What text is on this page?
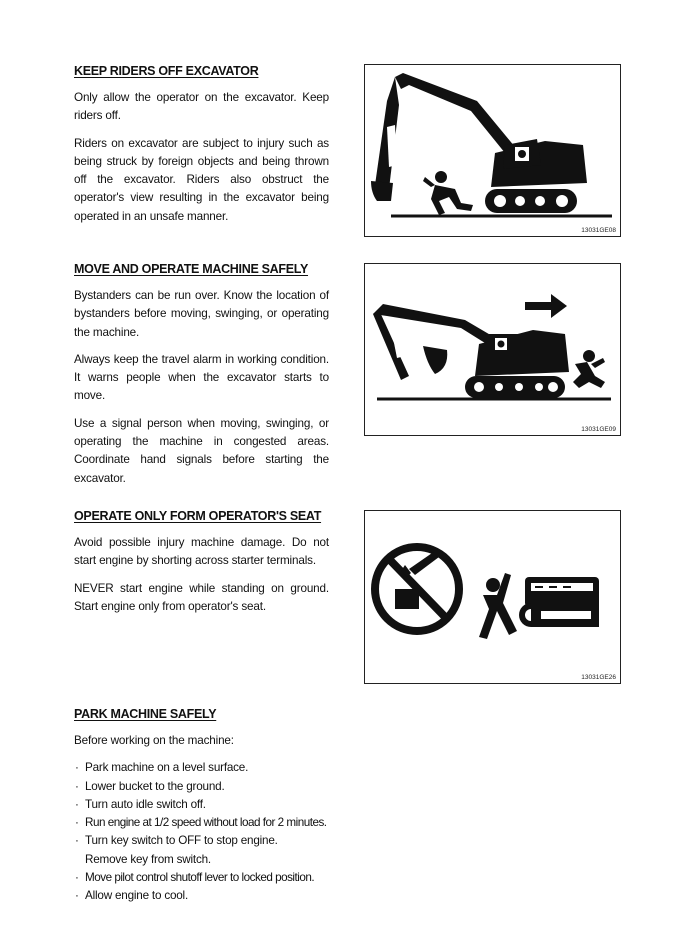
KEEP RIDERS OFF EXCAVATOR

Only allow the operator on the excavator. Keep riders off.

Riders on excavator are subject to injury such as being struck by foreign objects and being thrown off the excavator. Riders also obstruct the operator's view resulting in the excavator being operated in an unsafe manner.

13031GE08
MOVE AND OPERATE MACHINE SAFELY

Bystanders can be run over. Know the location of bystanders before moving, swinging, or operating the machine.

Always keep the travel alarm in working condition. It warns people when the excavator starts to move.

Use a signal person when moving, swinging, or operating the machine in congested areas. Coordinate hand signals before starting the excavator.

13031GE09
OPERATE ONLY FORM OPERATOR'S SEAT

Avoid possible injury machine damage. Do not start engine by shorting across starter terminals.

NEVER start engine while standing on ground. Start engine only from operator's seat.

13031GE26
PARK MACHINE SAFELY

Before working on the machine:

· Park machine on a level surface.
· Lower bucket to the ground.
· Turn auto idle switch off.
· Run engine at 1/2 speed without load for 2 minutes.
· Turn key switch to OFF to stop engine.
Remove key from switch.
· Move pilot control shutoff lever to locked position.
· Allow engine to cool.
